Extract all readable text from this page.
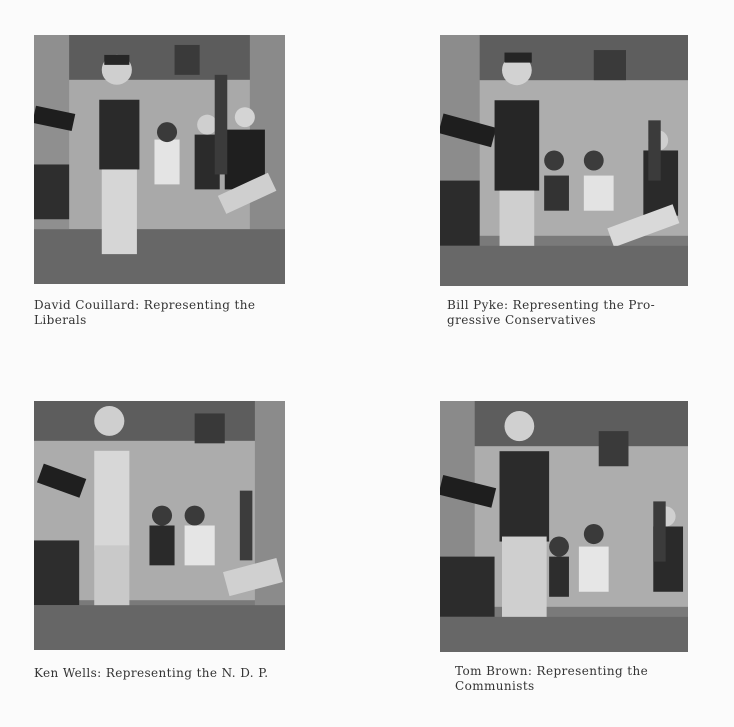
David Couillard: Representing the
Liberals
Bill Pyke: Representing the Pro-
gressive Conservatives
Ken Wells: Representing the N. D. P.	Tom Brown: Representing the
Communists
